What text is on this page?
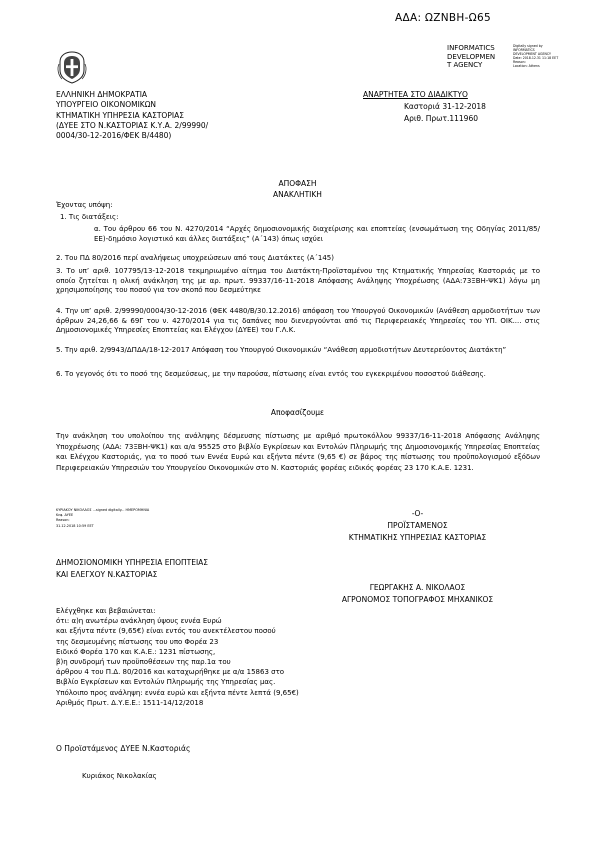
ΑΔΑ: ΩΖΝΒΗ-Ω65
INFORMATICS
DEVELOPMEN
T AGENCY
Digitally signed by
INFORMATICS
DEVELOPMENT AGENCY
Date: 2018.12.31 11:18 EET
Reason:
Location: Athens
ΕΛΛΗΝΙΚΗ ΔΗΜΟΚΡΑΤΙΑ
ΥΠΟΥΡΓΕΙΟ ΟΙΚΟΝΟΜΙΚΩΝ
ΚΤΗΜΑΤΙΚΗ ΥΠΗΡΕΣΙΑ ΚΑΣΤΟΡΙΑΣ
(ΔΥΕΕ ΣΤΟ Ν.ΚΑΣΤΟΡΙΑΣ Κ.Υ.Α. 2/99990/
0004/30-12-2016/ΦΕΚ Β/4480)
ΑΝΑΡΤΗΤΕΑ ΣΤΟ ΔΙΑΔΙΚΤΥΟ
Καστοριά 31-12-2018
Αριθ. Πρωτ.111960
ΑΠΟΦΑΣΗ
ΑΝΑΚΛΗΤΙΚΗ
Έχοντας υπόψη:
1. Τις διατάξεις:
α. Του άρθρου 66 του Ν. 4270/2014 “Αρχές δημοσιονομικής διαχείρισης και εποπτείας (ενσωμάτωση της Οδηγίας 2011/85/ΕΕ)-δημόσιο λογιστικό και άλλες διατάξεις” (Α΄143) όπως ισχύει
2. Του ΠΔ 80/2016 περί αναλήψεως υποχρεώσεων από τους Διατάκτες (Α΄145)
3. Το υπ’ αριθ. 107795/13-12-2018 τεκμηριωμένο αίτημα του Διατάκτη-Προϊσταμένου της Κτηματικής Υπηρεσίας Καστοριάς με το οποίο ζητείται η ολική ανάκληση της με αρ. πρωτ. 99337/16-11-2018 Απόφασης Ανάληψης Υποχρέωσης (ΑΔΑ:73ΞΒΗ-ΨΚ1) λόγω μη χρησιμοποίησης του ποσού για τον σκοπό που δεσμεύτηκε
4. Την υπ’ αριθ. 2/99990/0004/30-12-2016 (ΦΕΚ 4480/Β/30.12.2016) απόφαση του Υπουργού Οικονομικών (Ανάθεση αρμοδιοτήτων των άρθρων 24,26,66 & 69Γ του ν. 4270/2014 για τις δαπάνες που διενεργούνται από τις Περιφερειακές Υπηρεσίες του ΥΠ. ΟΙΚ.... στις Δημοσιονομικές Υπηρεσίες Εποπτείας και Ελέγχου (ΔΥΕΕ) του Γ.Λ.Κ.
5. Την αριθ. 2/9943/ΔΠΔΑ/18-12-2017 Απόφαση του Υπουργού Οικονομικών “Ανάθεση αρμοδιοτήτων Δευτερεύοντος Διατάκτη”
6. Το γεγονός ότι το ποσό της δεσμεύσεως, με την παρούσα, πίστωσης είναι εντός του εγκεκριμένου ποσοστού διάθεσης.
Αποφασίζουμε
Την ανάκληση του υπολοίπου της ανάληψης δέσμευσης πίστωσης με αριθμό πρωτοκόλλου 99337/16-11-2018 Απόφασης Ανάληψης Υποχρέωσης (ΑΔΑ: 73ΞΒΗ-ΨΚ1) και α/α 95525 στο βιβλίο Εγκρίσεων και Εντολών Πληρωμής της Δημοσιονομικής Υπηρεσίας Εποπτείας και Ελέγχου Καστοριάς, για το ποσό των Εννέα Ευρώ και εξήντα πέντε (9,65 €) σε βάρος της πίστωσης του προϋπολογισμού εξόδων Περιφερειακών Υπηρεσιών του Υπουργείου Οικονομικών στο Ν. Καστοριάς φορέας ειδικός φορέας 23 170 Κ.Α.Ε. 1231.
ΚΥΡΙΑΚΟΥ ΝΙΚΟΛΑΟΣ ...signed digitally... ΗΜΕΡΟΜΗΝΙΑ
Κεφ. ΔΥΕΕ
Reason:
31.12.2018 10:59 EET
-Ο-
ΠΡΟΪΣΤΑΜΕΝΟΣ
ΚΤΗΜΑΤΙΚΗΣ ΥΠΗΡΕΣΙΑΣ ΚΑΣΤΟΡΙΑΣ
ΔΗΜΟΣΙΟΝΟΜΙΚΗ ΥΠΗΡΕΣΙΑ ΕΠΟΠΤΕΙΑΣ
ΚΑΙ ΕΛΕΓΧΟΥ Ν.ΚΑΣΤΟΡΙΑΣ
ΓΕΩΡΓΑΚΗΣ Α. ΝΙΚΟΛΑΟΣ
ΑΓΡΟΝΟΜΟΣ ΤΟΠΟΓΡΑΦΟΣ ΜΗΧΑΝΙΚΟΣ
Ελέγχθηκε και βεβαιώνεται:
ότι: α)η ανωτέρω ανάκληση ύψους εννέα Ευρώ
και εξήντα πέντε (9,65€) είναι εντός του ανεκτέλεστου ποσού
της δεσμευμένης πίστωσης του υπο Φορέα 23
Ειδικό Φορέα 170 και Κ.Α.Ε.: 1231 πίστωσης,
β)η συνδρομή των προϋποθέσεων της παρ.1α του
άρθρου 4 του Π.Δ. 80/2016 και καταχωρήθηκε με α/α 15863 στο
Βιβλίο Εγκρίσεων και Εντολών Πληρωμής της Υπηρεσίας μας.
Υπόλοιπο προς ανάληψη: εννέα ευρώ και εξήντα πέντε λεπτά (9,65€)
Αριθμός Πρωτ. Δ.Υ.Ε.Ε.: 1511-14/12/2018
Ο Προϊστάμενος ΔΥΕΕ Ν.Καστοριάς
Κυριάκος Νικολακίας
